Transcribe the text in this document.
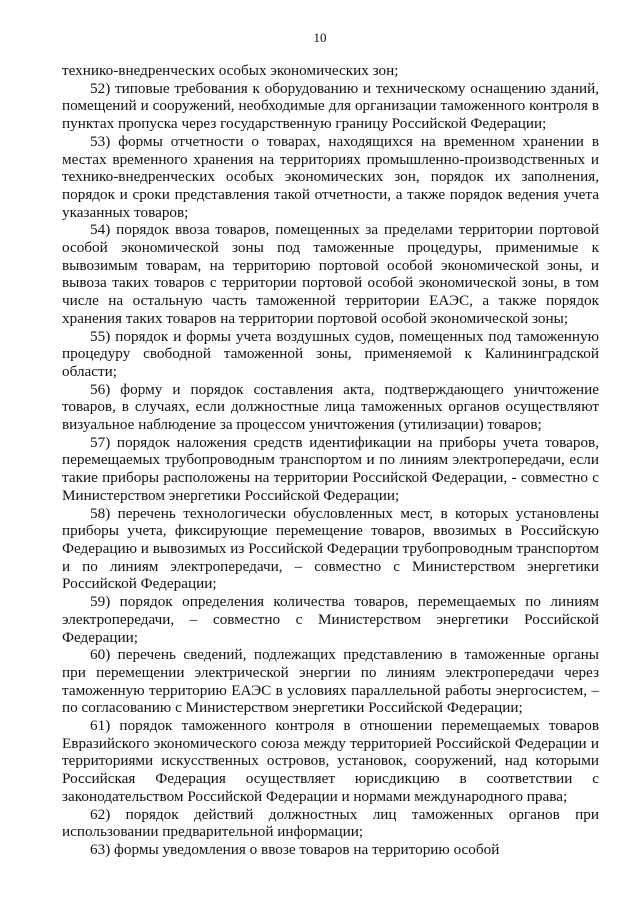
10

технико-внедренческих особых экономических зон;

52) типовые требования к оборудованию и техническому оснащению зданий, помещений и сооружений, необходимые для организации таможенного контроля в пунктах пропуска через государственную границу Российской Федерации;

53) формы отчетности о товарах, находящихся на временном хранении в местах временного хранения на территориях промышленно-производственных и технико-внедренческих особых экономических зон, порядок их заполнения, порядок и сроки представления такой отчетности, а также порядок ведения учета указанных товаров;

54) порядок ввоза товаров, помещенных за пределами территории портовой особой экономической зоны под таможенные процедуры, применимые к вывозимым товарам, на территорию портовой особой экономической зоны, и вывоза таких товаров с территории портовой особой экономической зоны, в том числе на остальную часть таможенной территории ЕАЭС, а также порядок хранения таких товаров на территории портовой особой экономической зоны;

55) порядок и формы учета воздушных судов, помещенных под таможенную процедуру свободной таможенной зоны, применяемой к Калининградской области;

56) форму и порядок составления акта, подтверждающего уничтожение товаров, в случаях, если должностные лица таможенных органов осуществляют визуальное наблюдение за процессом уничтожения (утилизации) товаров;

57) порядок наложения средств идентификации на приборы учета товаров, перемещаемых трубопроводным транспортом и по линиям электропередачи, если такие приборы расположены на территории Российской Федерации, - совместно с Министерством энергетики Российской Федерации;

58) перечень технологически обусловленных мест, в которых установлены приборы учета, фиксирующие перемещение товаров, ввозимых в Российскую Федерацию и вывозимых из Российской Федерации трубопроводным транспортом и по линиям электропередачи, – совместно с Министерством энергетики Российской Федерации;

59) порядок определения количества товаров, перемещаемых по линиям электропередачи, – совместно с Министерством энергетики Российской Федерации;

60) перечень сведений, подлежащих представлению в таможенные органы при перемещении электрической энергии по линиям электропередачи через таможенную территорию ЕАЭС в условиях параллельной работы энергосистем, – по согласованию с Министерством энергетики Российской Федерации;

61) порядок таможенного контроля в отношении перемещаемых товаров Евразийского экономического союза между территорией Российской Федерации и территориями искусственных островов, установок, сооружений, над которыми Российская Федерация осуществляет юрисдикцию в соответствии с законодательством Российской Федерации и нормами международного права;

62) порядок действий должностных лиц таможенных органов при использовании предварительной информации;

63) формы уведомления о ввозе товаров на территорию особой
